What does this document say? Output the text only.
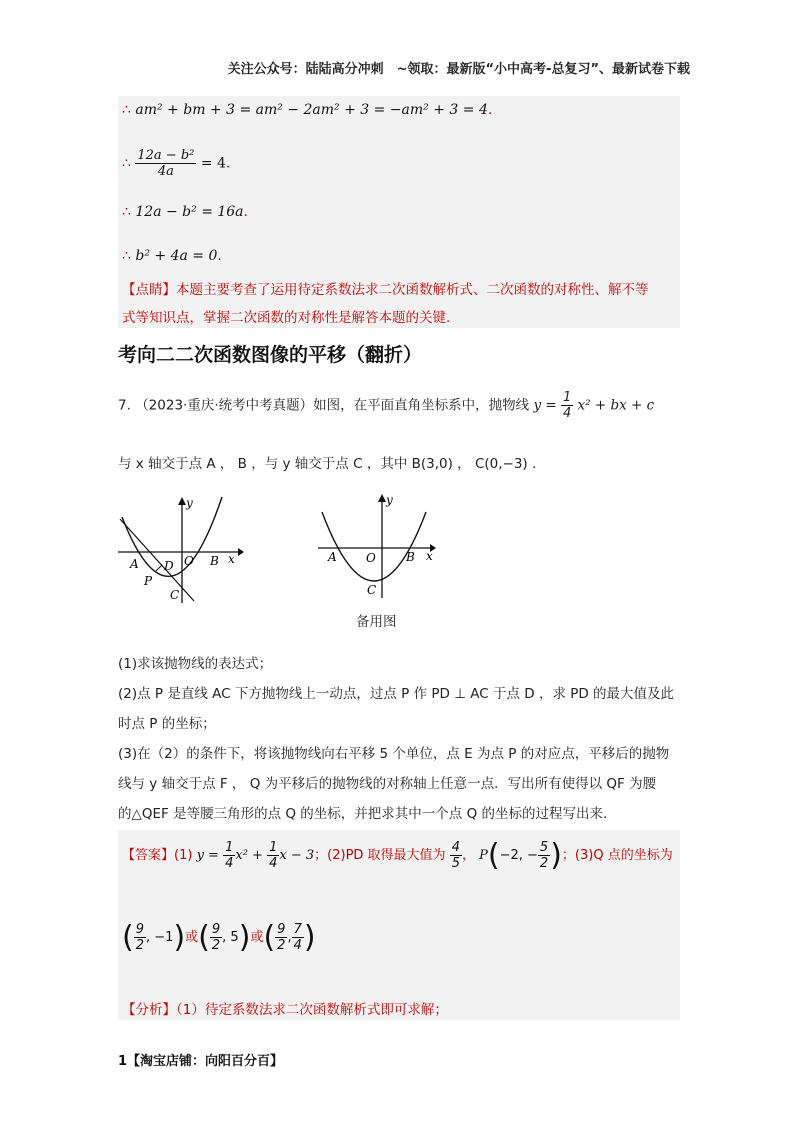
关注公众号：陆陆高分冲刺　~领取：最新版“小中高考-总复习”、最新试卷下载
∴ am² + bm + 3 = am² − 2am² + 3 = −am² + 3 = 4.
∴ $\frac{\text{12a − b²}}{4a} = 4$.
∴ 12a − b² = 16a.
∴ b² + 4a = 0.
【点睛】本题主要考查了运用待定系数法求二次函数解析式、二次函数的对称性、解不等
式等知识点，掌握二次函数的对称性是解答本题的关键.
考向二二次函数图像的平移（翻折）
7. （2023·重庆·统考中考真题）如图，在平面直角坐标系中，抛物线 $y = \frac{1}{4} x^2$ + bx + c
与 x 轴交于点 A ， B ，与 y 轴交于点 C ，其中 B(3,0) ， C(0,−3) .
y
x
A D O B
P
C
y
x
A O	B
C
备用图
(1)求该抛物线的表达式；
(2)点 P 是直线 AC 下方抛物线上一动点，过点 P 作 PD ⊥ AC 于点 D ，求 PD 的最大值及此
时点 P 的坐标；
(3)在（2）的条件下，将该抛物线向右平移 5 个单位，点 E 为点 P 的对应点，平移后的抛物
线与 y 轴交于点 F ， Q 为平移后的抛物线的对称轴上任意一点．写出所有使得以 QF 为腰
的△QEF 是等腰三角形的点 Q 的坐标，并把求其中一个点 Q 的坐标的过程写出来.
【答案】(1) $y = \frac{1}{4} x^2 + \frac{1}{4}$ x − 3；(2)PD 取得最大值为 $\frac{4}{5}$ ， P(−2, − $\frac{5}{2}$ )；(3)Q 点的坐标为
( $\frac{9}{2}$ , −1)或( $\frac{9}{2}$ , 5)或( $\frac{9}{2}$ , $\frac{7}{4}$ )
【分析】（1）待定系数法求二次函数解析式即可求解；
1【淘宝店铺：向阳百分百】
